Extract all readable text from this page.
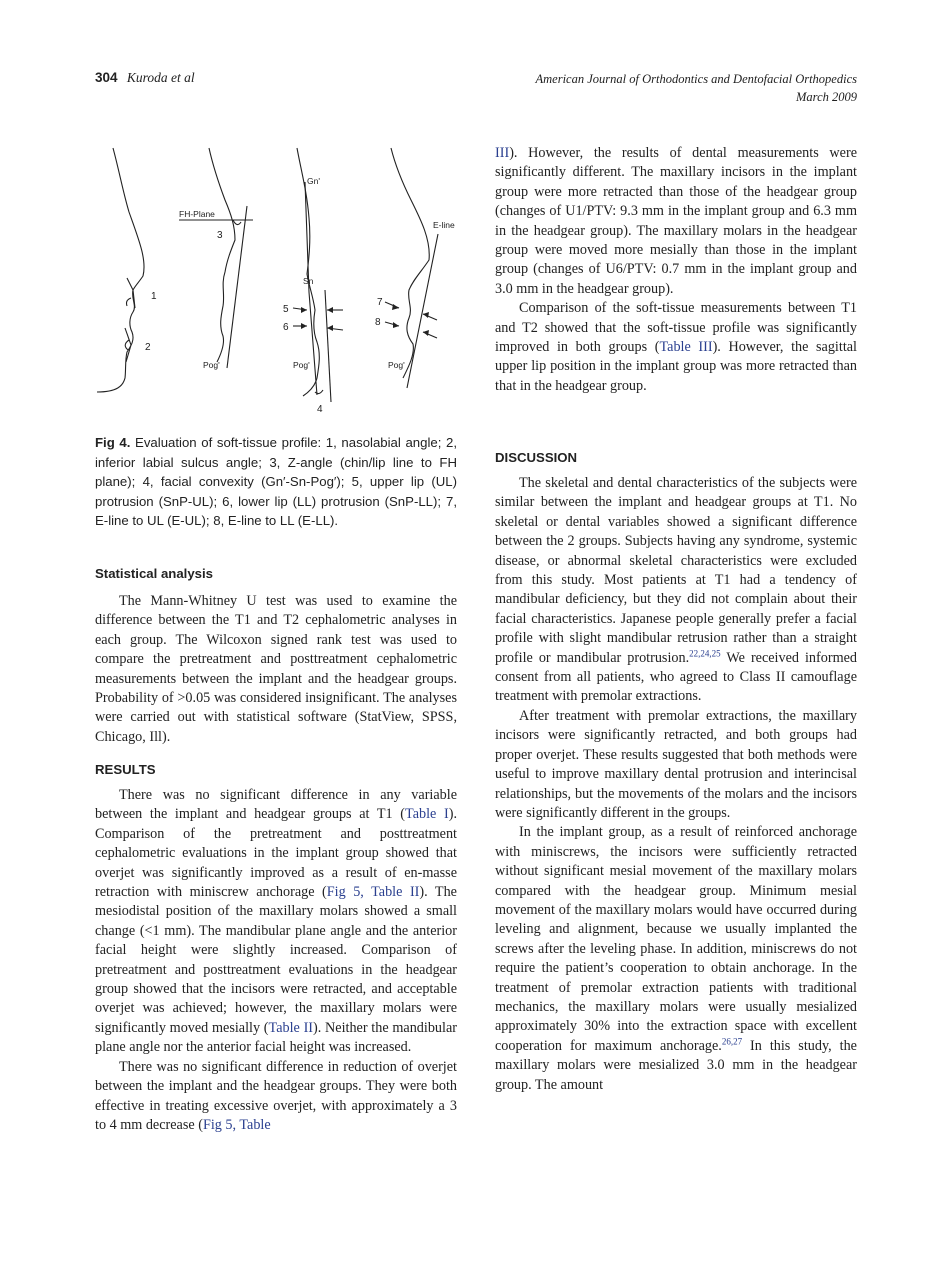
304 Kuroda et al	American Journal of Orthodontics and Dentofacial Orthopedics
March 2009
FH-Plane
Gn'
Sn
Pog'	Pog'	Pog'
E-line
1
2
3
4
5
6
7
8
Fig 4. Evaluation of soft-tissue profile: 1, nasolabial angle; 2, inferior labial sulcus angle; 3, Z-angle (chin/lip line to FH plane); 4, facial convexity (Gn′-Sn-Pog′); 5, upper lip (UL) protrusion (SnP-UL); 6, lower lip (LL) protrusion (SnP-LL); 7, E-line to UL (E-UL); 8, E-line to LL (E-LL).
Statistical analysis

The Mann-Whitney U test was used to examine the difference between the T1 and T2 cephalometric analyses in each group. The Wilcoxon signed rank test was used to compare the pretreatment and posttreatment cephalometric measurements between the implant and the headgear groups. Probability of >0.05 was considered insignificant. The analyses were carried out with statistical software (StatView, SPSS, Chicago, Ill).

RESULTS

There was no significant difference in any variable between the implant and headgear groups at T1 (Table I). Comparison of the pretreatment and posttreatment cephalometric evaluations in the implant group showed that overjet was significantly improved as a result of en-masse retraction with miniscrew anchorage (Fig 5, Table II). The mesiodistal position of the maxillary molars showed a small change (<1 mm). The mandibular plane angle and the anterior facial height were slightly increased. Comparison of pretreatment and posttreatment evaluations in the headgear group showed that the incisors were retracted, and acceptable overjet was achieved; however, the maxillary molars were significantly moved mesially (Table II). Neither the mandibular plane angle nor the anterior facial height was increased.

There was no significant difference in reduction of overjet between the implant and the headgear groups. They were both effective in treating excessive overjet, with approximately a 3 to 4 mm decrease (Fig 5, Table

III). However, the results of dental measurements were significantly different. The maxillary incisors in the implant group were more retracted than those of the headgear group (changes of U1/PTV: 9.3 mm in the implant group and 6.3 mm in the headgear group). The maxillary molars in the headgear group were moved more mesially than those in the implant group (changes of U6/PTV: 0.7 mm in the implant group and 3.0 mm in the headgear group).

Comparison of the soft-tissue measurements between T1 and T2 showed that the soft-tissue profile was significantly improved in both groups (Table III). However, the sagittal upper lip position in the implant group was more retracted than that in the headgear group.

DISCUSSION

The skeletal and dental characteristics of the subjects were similar between the implant and headgear groups at T1. No skeletal or dental variables showed a significant difference between the 2 groups. Subjects having any syndrome, systemic disease, or abnormal skeletal characteristics were excluded from this study. Most patients at T1 had a tendency of mandibular deficiency, but they did not complain about their facial characteristics. Japanese people generally prefer a facial profile with slight mandibular retrusion rather than a straight profile or mandibular protrusion.$^{22,24,25}$ We received informed consent from all patients, who agreed to Class II camouflage treatment with premolar extractions.

After treatment with premolar extractions, the maxillary incisors were significantly retracted, and both groups had proper overjet. These results suggested that both methods were useful to improve maxillary dental protrusion and interincisal relationships, but the movements of the molars and the incisors were significantly different in the groups.

In the implant group, as a result of reinforced anchorage with miniscrews, the incisors were sufficiently retracted without significant mesial movement of the maxillary molars compared with the headgear group. Minimum mesial movement of the maxillary molars would have occurred during leveling and alignment, because we usually implanted the screws after the leveling phase. In addition, miniscrews do not require the patient’s cooperation to obtain anchorage. In the treatment of premolar extraction patients with traditional mechanics, the maxillary molars were usually mesialized approximately 30% into the extraction space with excellent cooperation for maximum anchorage.$^{26,27}$ In this study, the maxillary molars were mesialized 3.0 mm in the headgear group. The amount
